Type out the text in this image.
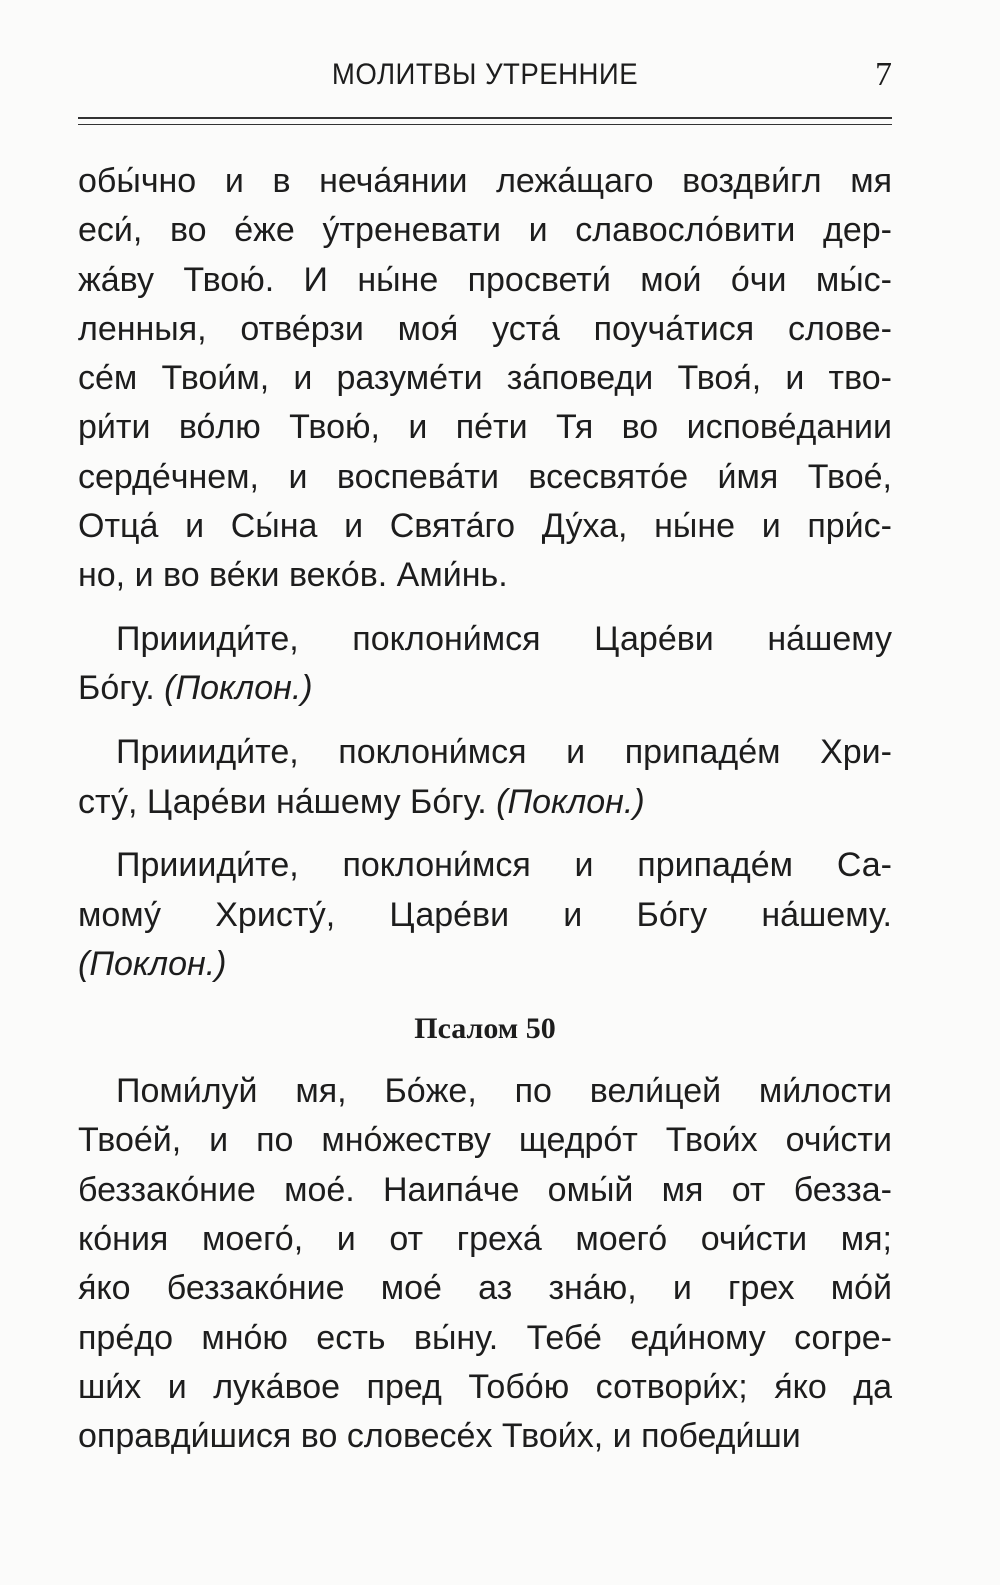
МОЛИТВЫ УТРЕННИЕ	7
обы́чно и в неча́янии лежа́щаго воздви́гл мя
еси́, во е́же у́треневати и славосло́вити дер-
жа́ву Твою́. И ны́не просвети́ мои́ о́чи мы́с-
ленныя, отве́рзи моя́ уста́ поуча́тися слове-
се́м Твои́м, и разуме́ти за́поведи Твоя́, и тво-
ри́ти во́лю Твою́, и пе́ти Тя во испове́дании
серде́чнем, и воспева́ти всесвято́е и́мя Твое́,
Отца́ и Сы́на и Свята́го Ду́ха, ны́не и при́с-
но, и во ве́ки веко́в. Ами́нь.
Приииди́те, поклони́мся Царе́ви на́шему
Бо́гу. (Поклон.)
Приииди́те, поклони́мся и припаде́м Хри-
сту́, Царе́ви на́шему Бо́гу. (Поклон.)
Приииди́те, поклони́мся и припаде́м Са-
мому́ Христу́, Царе́ви и Бо́гу на́шему.
(Поклон.)
Псалом 50
Поми́луй мя, Бо́же, по вели́цей ми́лости
Твое́й, и по мно́жеству щедро́т Твои́х очи́сти
беззако́ние мое́. Наипа́че омы́й мя от безза-
ко́ния моего́, и от греха́ моего́ очи́сти мя;
я́ко беззако́ние мое́ аз зна́ю, и грех мо́й
пре́до мно́ю есть вы́ну. Тебе́ еди́ному согре-
ши́х и лука́вое пред Тобо́ю сотвори́х; я́ко да
оправди́шися во словесе́х Твои́х, и победи́ши
